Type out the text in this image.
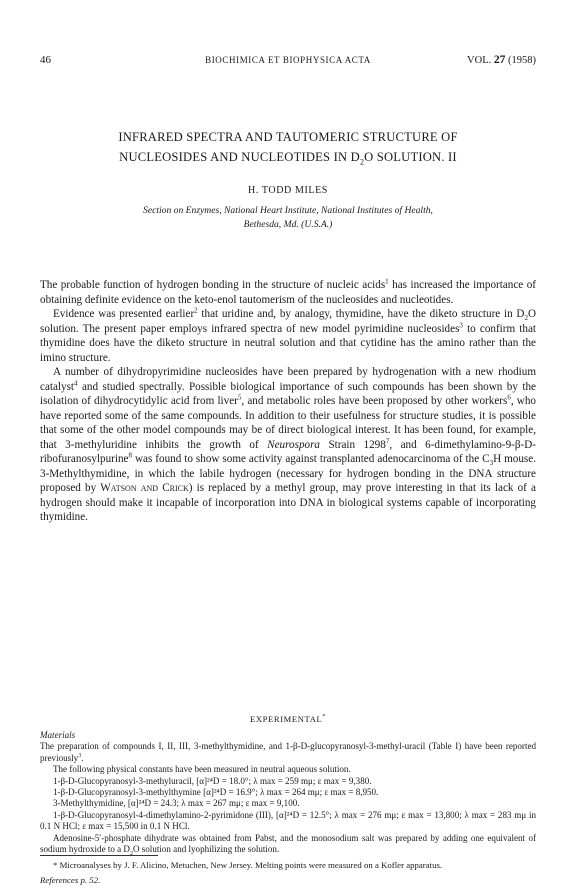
46	BIOCHIMICA ET BIOPHYSICA ACTA	VOL. 27 (1958)
INFRARED SPECTRA AND TAUTOMERIC STRUCTURE OF
NUCLEOSIDES AND NUCLEOTIDES IN $D_2O$ SOLUTION. II
H. TODD MILES
Section on Enzymes, National Heart Institute, National Institutes of Health,
Bethesda, Md. (U.S.A.)

The probable function of hydrogen bonding in the structure of nucleic acids$^1$ has increased the importance of obtaining definite evidence on the keto-enol tautomerism of the nucleosides and nucleotides.

Evidence was presented earlier$^2$ that uridine and, by analogy, thymidine, have the diketo structure in $D_2O$ solution. The present paper employs infrared spectra of new model pyrimidine nucleosides$^3$ to confirm that thymidine does have the diketo structure in neutral solution and that cytidine has the amino rather than the imino structure.

A number of dihydropyrimidine nucleosides have been prepared by hydrogenation with a new rhodium catalyst$^4$ and studied spectrally. Possible biological importance of such compounds has been shown by the isolation of dihydrocytidylic acid from liver$^5$, and metabolic roles have been proposed by other workers$^6$, who have reported some of the same compounds. In addition to their usefulness for structure studies, it is possible that some of the other model compounds may be of direct biological interest. It has been found, for example, that 3-methyluridine inhibits the growth of Neurospora Strain 1298$^7$, and 6-dimethylamino-9-β-D-ribofuranosylpurine$^8$ was found to show some activity against transplanted adenocarcinoma of the $C_3H$ mouse. 3-Methylthymidine, in which the labile hydrogen (necessary for hydrogen bonding in the DNA structure proposed by Watson and Crick) is replaced by a methyl group, may prove interesting in that its lack of a hydrogen should make it incapable of incorporation into DNA in biological systems capable of incorporating thymidine.

EXPERIMENTAL*

Materials

The preparation of compounds I, II, III, 3-methylthymidine, and 1-β-D-glucopyranosyl-3-methyl-uracil (Table I) have been reported previously$^3$.

The following physical constants have been measured in neutral aqueous solution.

1-β-D-Glucopyranosyl-3-methyluracil, [α]²⁴D = 18.0°; λ max = 259 mμ; ε max = 9,380.

1-β-D-Glucopyranosyl-3-methylthymine [α]²⁴D = 16.9°; λ max = 264 mμ; ε max = 8,950.

3-Methylthymidine, [α]²⁴D = 24.3; λ max = 267 mμ; ε max = 9,100.

1-β-D-Glucopyranosyl-4-dimethylamino-2-pyrimidone (III), [α]²⁴D = 12.5°; λ max = 276 mμ; ε max = 13,800; λ max = 283 mμ in 0.1 N HCl; ε max = 15,500 in 0.1 N HCl.

Adenosine-5′-phosphate dihydrate was obtained from Pabst, and the monosodium salt was prepared by adding one equivalent of sodium hydroxide to a $D_2O$ solution and lyophilizing the solution.

* Microanalyses by J. F. Alicino, Metuchen, New Jersey. Melting points were measured on a Kofler apparatus.

References p. 52.
